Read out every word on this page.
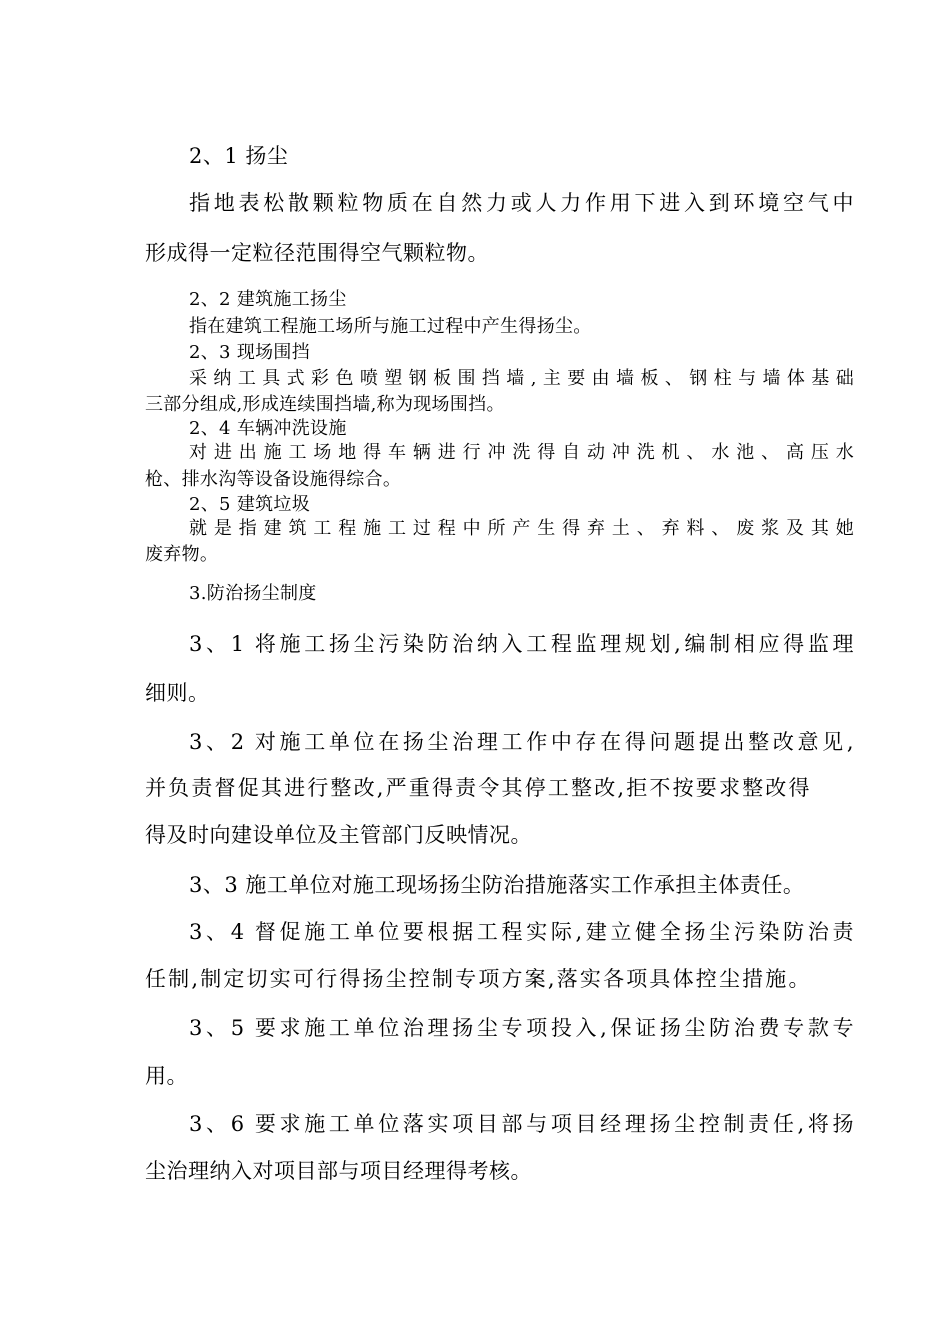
2、1 扬尘
指地表松散颗粒物质在自然力或人力作用下进入到环境空气中
形成得一定粒径范围得空气颗粒物。
2、2 建筑施工扬尘
指在建筑工程施工场所与施工过程中产生得扬尘。
2、3 现场围挡
采纳工具式彩色喷塑钢板围挡墙,主要由墙板、钢柱与墙体基础
三部分组成,形成连续围挡墙,称为现场围挡。
2、4 车辆冲洗设施
对进出施工场地得车辆进行冲洗得自动冲洗机、水池、高压水
枪、排水沟等设备设施得综合。
2、5 建筑垃圾
就是指建筑工程施工过程中所产生得弃土、弃料、废浆及其她
废弃物。
3.防治扬尘制度
3、1 将施工扬尘污染防治纳入工程监理规划,编制相应得监理
细则。
3、2 对施工单位在扬尘治理工作中存在得问题提出整改意见,
并负责督促其进行整改,严重得责令其停工整改,拒不按要求整改得
得及时向建设单位及主管部门反映情况。
3、3 施工单位对施工现场扬尘防治措施落实工作承担主体责任。
3、4 督促施工单位要根据工程实际,建立健全扬尘污染防治责
任制,制定切实可行得扬尘控制专项方案,落实各项具体控尘措施。
3、5 要求施工单位治理扬尘专项投入,保证扬尘防治费专款专
用。
3、6 要求施工单位落实项目部与项目经理扬尘控制责任,将扬
尘治理纳入对项目部与项目经理得考核。
